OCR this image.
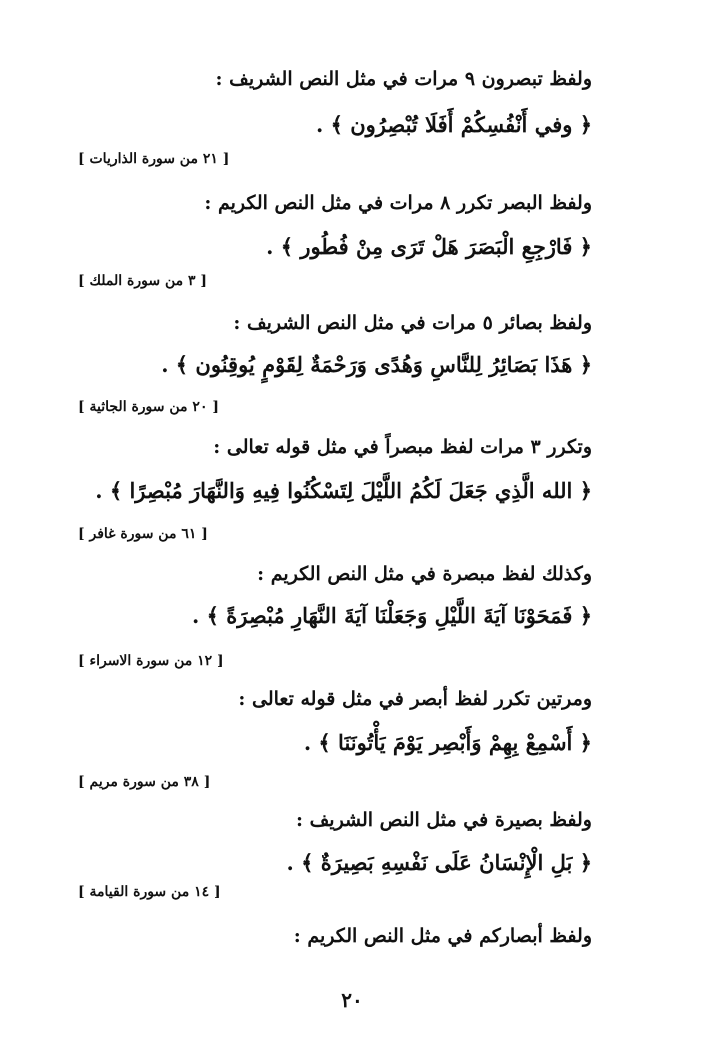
ولفظ تبصرون ٩ مرات في مثل النص الشريف :
﴿ وفي أَنْفُسِكُمْ أَفَلَا تُبْصِرُون ﴾ .
[ ٢١ من سورة الذاريات ]
ولفظ البصر تكرر ٨ مرات في مثل النص الكريم :
﴿ فَارْجِعِ الْبَصَرَ هَلْ تَرَى مِنْ فُطُور ﴾ .
[ ٣ من سورة الملك ]
ولفظ بصائر ٥ مرات في مثل النص الشريف :
﴿ هَذَا بَصَائِرُ لِلنَّاسِ وَهُدًى وَرَحْمَةٌ لِقَوْمٍ يُوقِنُون ﴾ .
[ ٢٠ من سورة الجاثية ]
وتكرر ٣ مرات لفظ مبصراً في مثل قوله تعالى :
﴿ الله الَّذِي جَعَلَ لَكُمُ اللَّيْلَ لِتَسْكُنُوا فِيهِ وَالنَّهَارَ مُبْصِرًا ﴾ .
[ ٦١ من سورة غافر ]
وكذلك لفظ مبصرة في مثل النص الكريم :
﴿ فَمَحَوْنَا آيَةَ اللَّيْلِ وَجَعَلْنَا آيَةَ النَّهَارِ مُبْصِرَةً ﴾ .
[ ١٢ من سورة الاسراء ]
ومرتين تكرر لفظ أبصر في مثل قوله تعالى :
﴿ أَسْمِعْ بِهِمْ وَأَبْصِر يَوْمَ يَأْتُونَنَا ﴾ .
[ ٣٨ من سورة مريم ]
ولفظ بصيرة في مثل النص الشريف :
﴿ بَلِ الْإِنْسَانُ عَلَى نَفْسِهِ بَصِيرَةٌ ﴾ .
[ ١٤ من سورة القيامة ]
ولفظ أبصاركم في مثل النص الكريم :
٢٠
